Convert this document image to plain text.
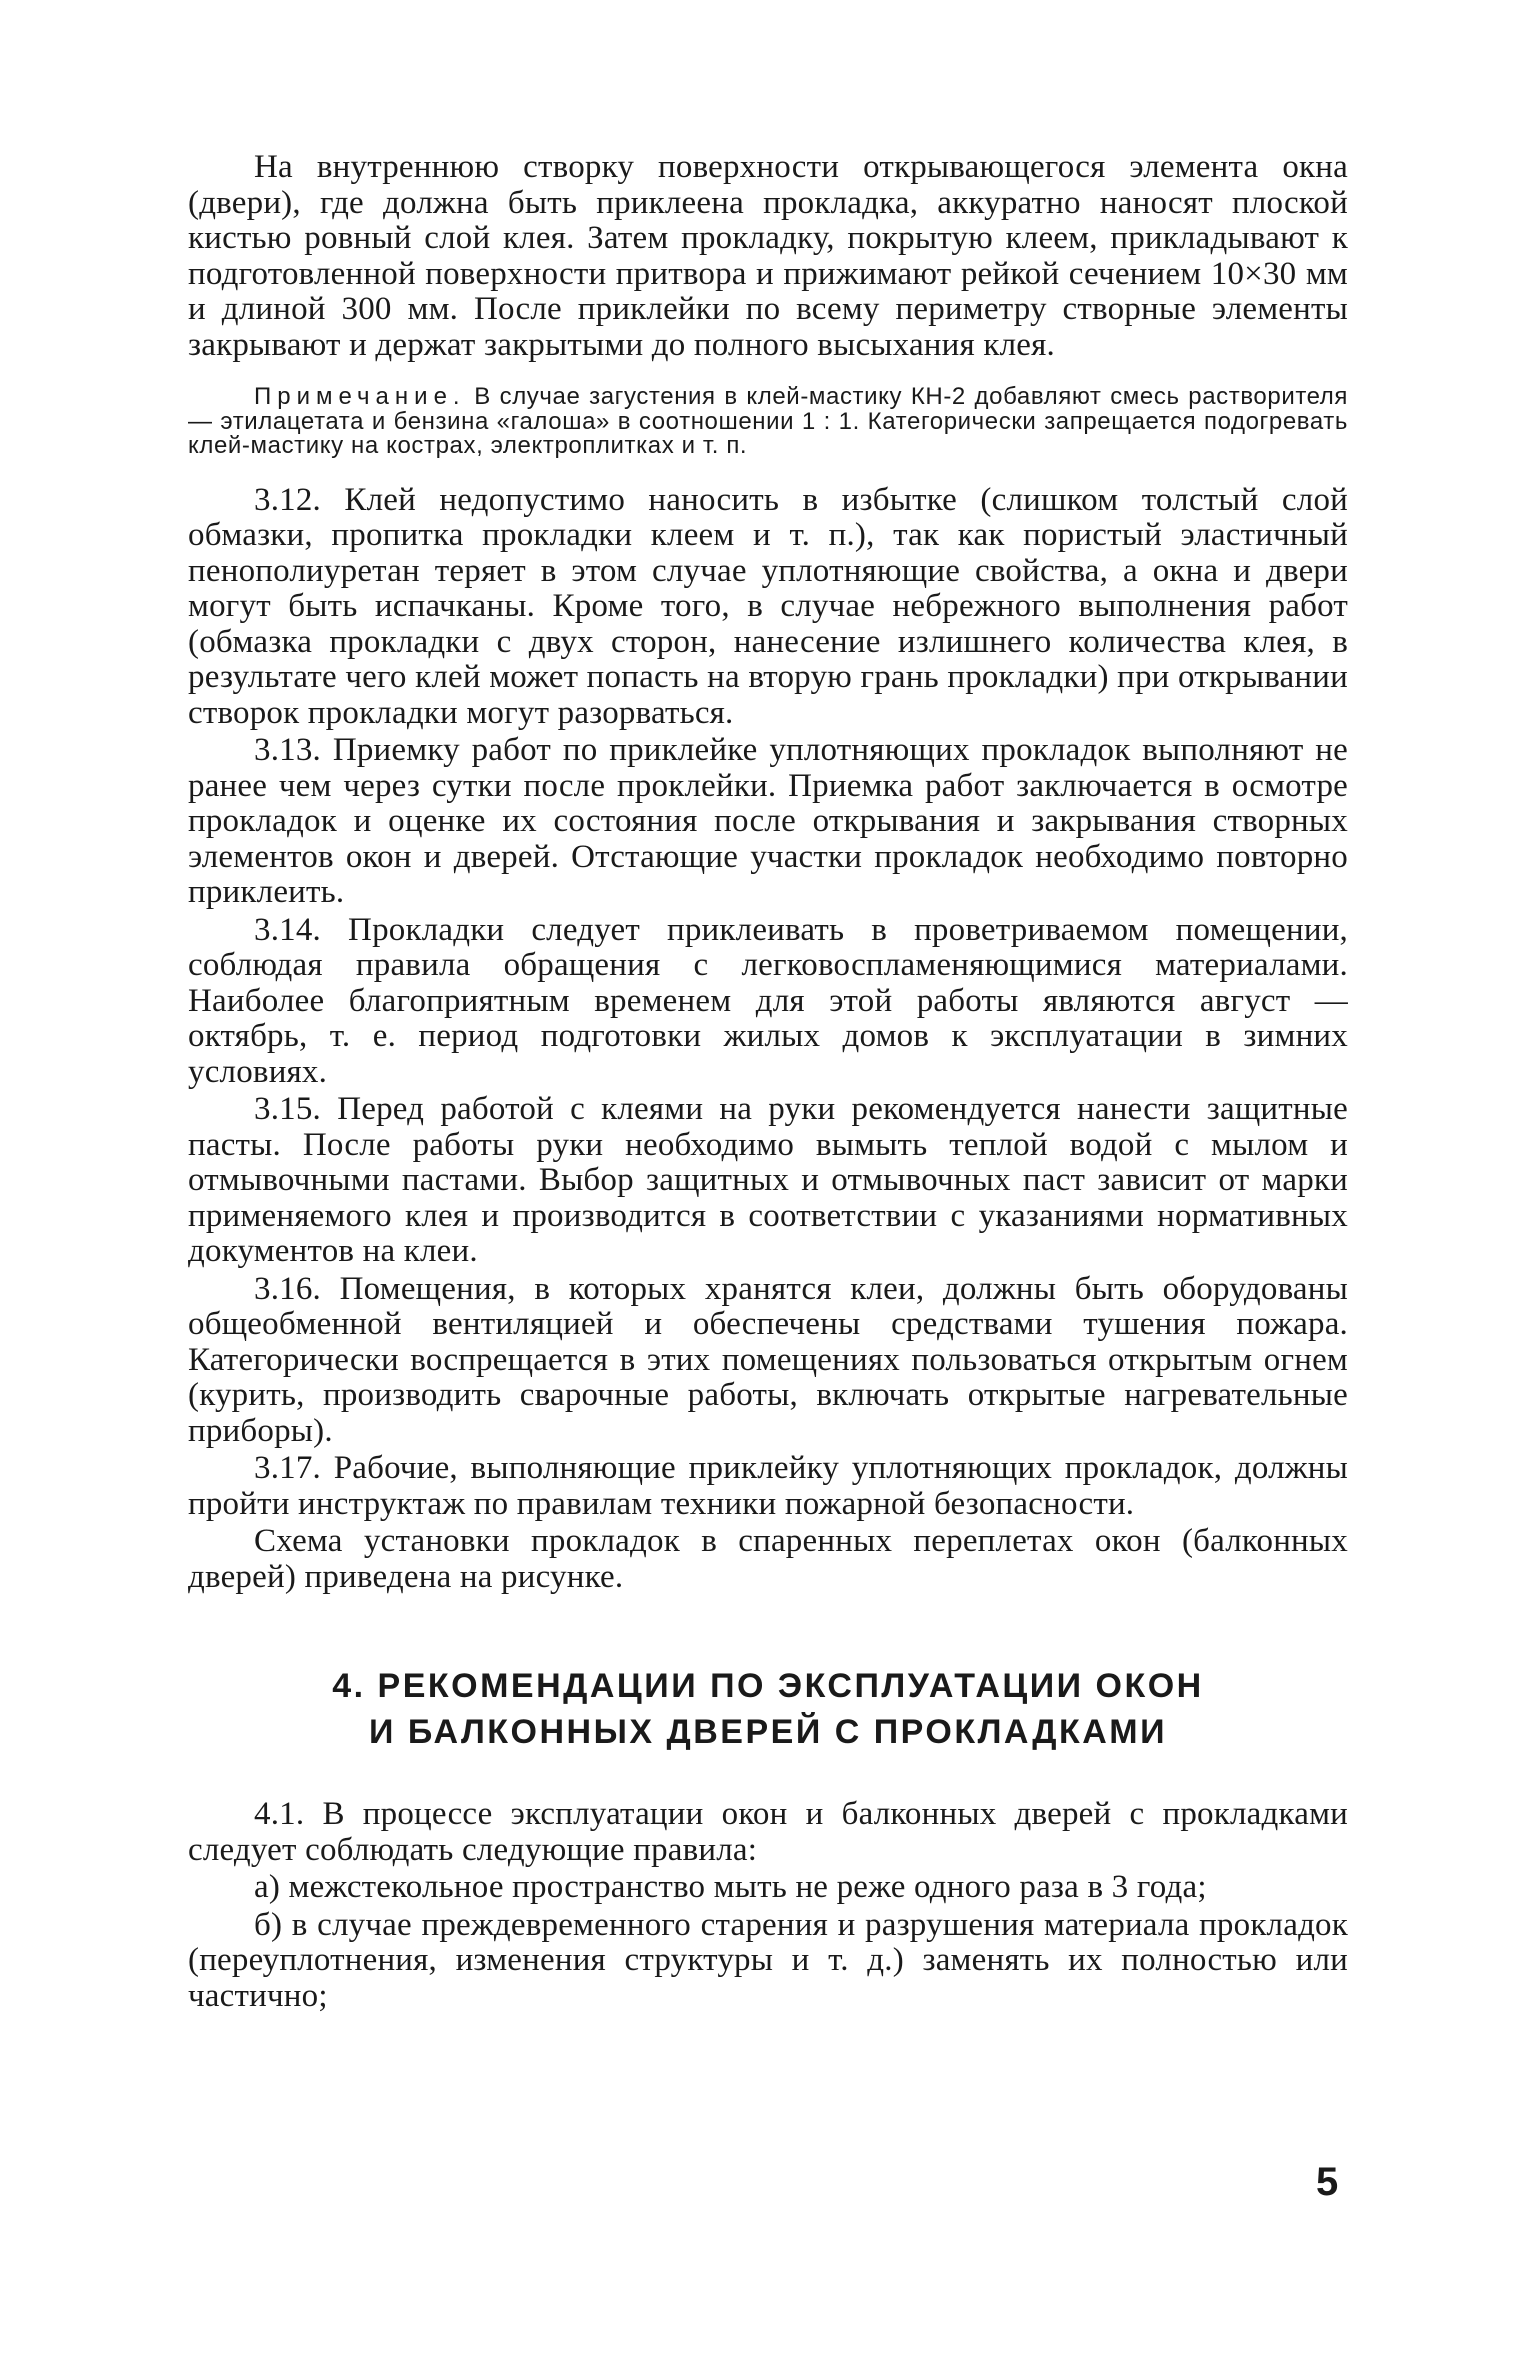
На внутреннюю створку поверхности открывающегося элемента окна (двери), где должна быть приклеена прокладка, аккуратно наносят плоской кистью ровный слой клея. Затем прокладку, покрытую клеем, прикладывают к подготовленной поверхности притвора и прижимают рейкой сечением 10×30 мм и длиной 300 мм. После приклейки по всему периметру створные элементы закрывают и держат закрытыми до полного высыхания клея.

Примечание. В случае загустения в клей-мастику КН-2 добавляют смесь растворителя — этилацетата и бензина «галоша» в соотношении 1 : 1. Категорически запрещается подогревать клей-мастику на кострах, электроплитках и т. п.

3.12. Клей недопустимо наносить в избытке (слишком толстый слой обмазки, пропитка прокладки клеем и т. п.), так как пористый эластичный пенополиуретан теряет в этом случае уплотняющие свойства, а окна и двери могут быть испачканы. Кроме того, в случае небрежного выполнения работ (обмазка прокладки с двух сторон, нанесение излишнего количества клея, в результате чего клей может попасть на вторую грань прокладки) при открывании створок прокладки могут разорваться.

3.13. Приемку работ по приклейке уплотняющих прокладок выполняют не ранее чем через сутки после проклейки. Приемка работ заключается в осмотре прокладок и оценке их состояния после открывания и закрывания створных элементов окон и дверей. Отстающие участки прокладок необходимо повторно приклеить.

3.14. Прокладки следует приклеивать в проветриваемом помещении, соблюдая правила обращения с легковоспламеняющимися материалами. Наиболее благоприятным временем для этой работы являются август — октябрь, т. е. период подготовки жилых домов к эксплуатации в зимних условиях.

3.15. Перед работой с клеями на руки рекомендуется нанести защитные пасты. После работы руки необходимо вымыть теплой водой с мылом и отмывочными пастами. Выбор защитных и отмывочных паст зависит от марки применяемого клея и производится в соответствии с указаниями нормативных документов на клеи.

3.16. Помещения, в которых хранятся клеи, должны быть оборудованы общеобменной вентиляцией и обеспечены средствами тушения пожара. Категорически воспрещается в этих помещениях пользоваться открытым огнем (курить, производить сварочные работы, включать открытые нагревательные приборы).

3.17. Рабочие, выполняющие приклейку уплотняющих прокладок, должны пройти инструктаж по правилам техники пожарной безопасности.

Схема установки прокладок в спаренных переплетах окон (балконных дверей) приведена на рисунке.

4. РЕКОМЕНДАЦИИ ПО ЭКСПЛУАТАЦИИ ОКОН
И БАЛКОННЫХ ДВЕРЕЙ С ПРОКЛАДКАМИ

4.1. В процессе эксплуатации окон и балконных дверей с прокладками следует соблюдать следующие правила:

а) межстекольное пространство мыть не реже одного раза в 3 года;

б) в случае преждевременного старения и разрушения материала прокладок (переуплотнения, изменения структуры и т. д.) заменять их полностью или частично;

5
